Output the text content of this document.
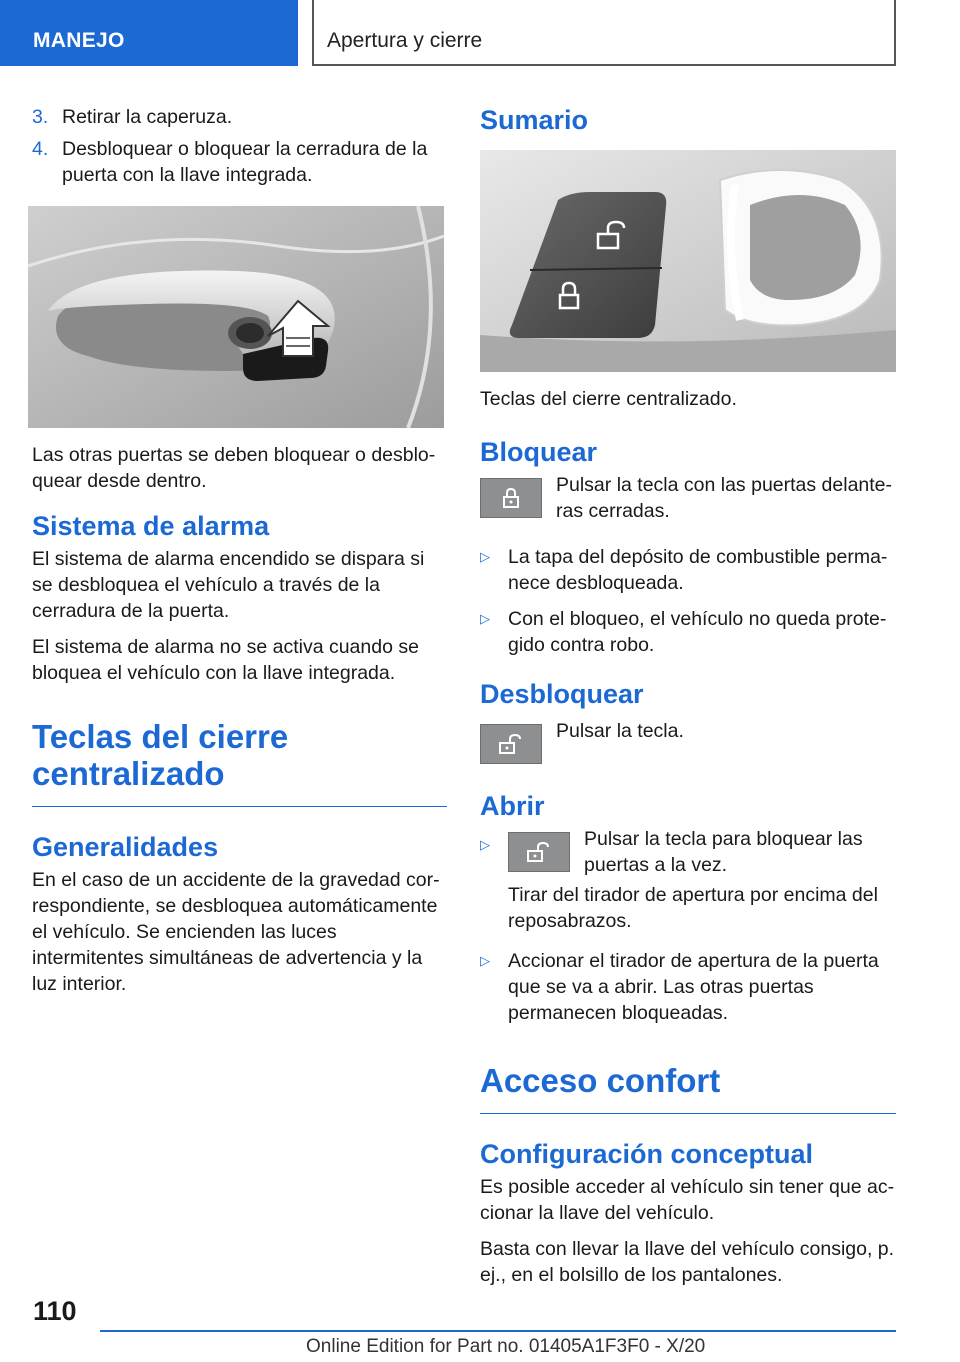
MANEJO	Apertura y cierre
3. Retirar la caperuza.
4. Desbloquear o bloquear la cerradura de la puerta con la llave integrada.

Las otras puertas se deben bloquear o desbloquear desde dentro.

Sistema de alarma

El sistema de alarma encendido se dispara si se desbloquea el vehículo a través de la cerradura de la puerta.

El sistema de alarma no se activa cuando se bloquea el vehículo con la llave integrada.

Teclas del cierre centralizado
Generalidades

En el caso de un accidente de la gravedad correspondiente, se desbloquea automáticamente el vehículo. Se encienden las luces intermitentes simultáneas de advertencia y la luz interior.

Sumario

Teclas del cierre centralizado.

Bloquear
Pulsar la tecla con las puertas delanteras cerradas.
▷ La tapa del depósito de combustible permanece desbloqueada.
▷ Con el bloqueo, el vehículo no queda protegido contra robo.
Desbloquear
Pulsar la tecla.
Abrir
▷	Pulsar la tecla para bloquear las puertas a la vez.

Tirar del tirador de apertura por encima del reposabrazos.

▷ Accionar el tirador de apertura de la puerta que se va a abrir. Las otras puertas permanecen bloqueadas.
Acceso confort
Configuración conceptual

Es posible acceder al vehículo sin tener que accionar la llave del vehículo.

Basta con llevar la llave del vehículo consigo, p. ej., en el bolsillo de los pantalones.

110
Online Edition for Part no. 01405A1F3F0 - X/20
